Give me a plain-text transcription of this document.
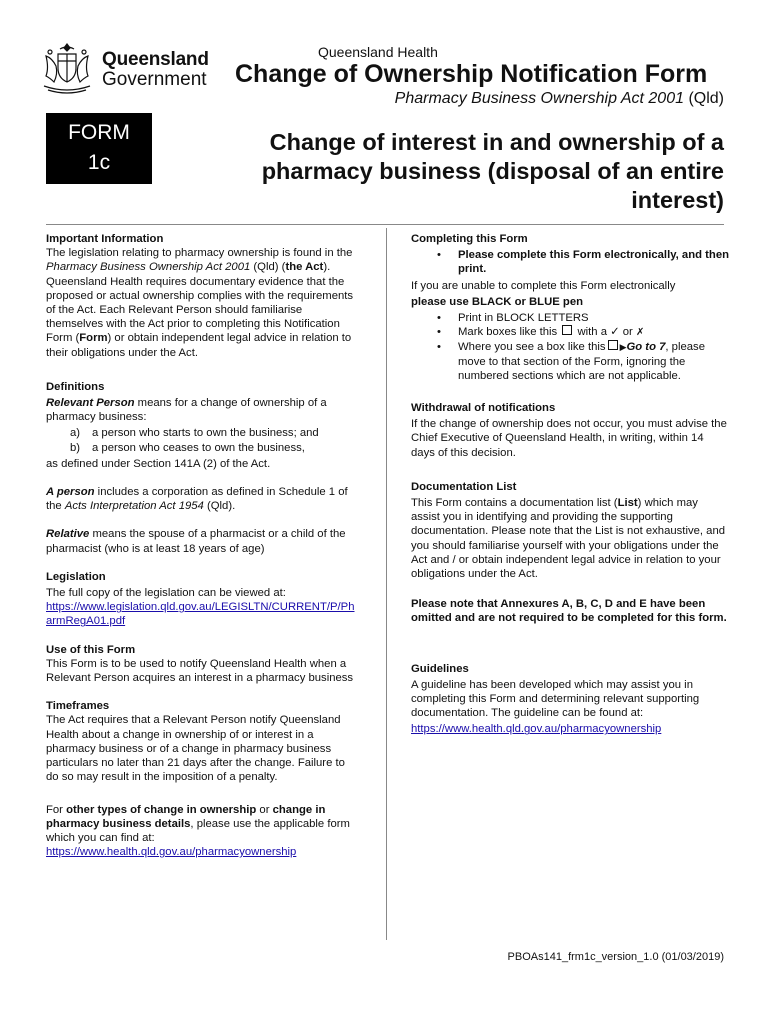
Queensland
Government
Queensland Health
Change of Ownership Notification Form
Pharmacy Business Ownership Act 2001 (Qld)
FORM
1c
Change of interest in and ownership of a pharmacy business (disposal of an entire interest)

Important Information

The legislation relating to pharmacy ownership is found in the Pharmacy Business Ownership Act 2001 (Qld) (the Act). Queensland Health requires documentary evidence that the proposed or actual ownership complies with the requirements of the Act. Each Relevant Person should familiarise themselves with the Act prior to completing this Notification Form (Form) or obtain independent legal advice in relation to their obligations under the Act.

Definitions

Relevant Person means for a change of ownership of a pharmacy business:

a) a person who starts to own the business; and
b) a person who ceases to own the business,

as defined under Section 141A (2) of the Act.

A person includes a corporation as defined in Schedule 1 of the Acts Interpretation Act 1954 (Qld).

Relative means the spouse of a pharmacist or a child of the pharmacist (who is at least 18 years of age)

Legislation

The full copy of the legislation can be viewed at:

https://www.legislation.qld.gov.au/LEGISLTN/CURRENT/P/PharmRegA01.pdf

Use of this Form

This Form is to be used to notify Queensland Health when a Relevant Person acquires an interest in a pharmacy business

Timeframes

The Act requires that a Relevant Person notify Queensland Health about a change in ownership of or interest in a pharmacy business or of a change in pharmacy business particulars no later than 21 days after the change. Failure to do so may result in the imposition of a penalty.

For other types of change in ownership or change in pharmacy business details, please use the applicable form which you can find at:

https://www.health.qld.gov.au/pharmacyownership

Completing this Form

• Please complete this Form electronically, and then print.

If you are unable to complete this Form electronically

please use BLACK or BLUE pen

• Print in BLOCK LETTERS
• Mark boxes like this  with a ✓ or ✗
• Where you see a box like this ▶Go to 7, please move to that section of the Form, ignoring the numbered sections which are not applicable.

Withdrawal of notifications

If the change of ownership does not occur, you must advise the Chief Executive of Queensland Health, in writing, within 14 days of this decision.

Documentation List

This Form contains a documentation list (List) which may assist you in identifying and providing the supporting documentation. Please note that the List is not exhaustive, and you should familiarise yourself with your obligations under the Act and / or obtain independent legal advice in relation to your obligations under the Act.

Please note that Annexures A, B, C, D and E have been omitted and are not required to be completed for this form.

Guidelines

A guideline has been developed which may assist you in completing this Form and determining relevant supporting documentation. The guideline can be found at:

https://www.health.qld.gov.au/pharmacyownership

PBOAs141_frm1c_version_1.0 (01/03/2019)
